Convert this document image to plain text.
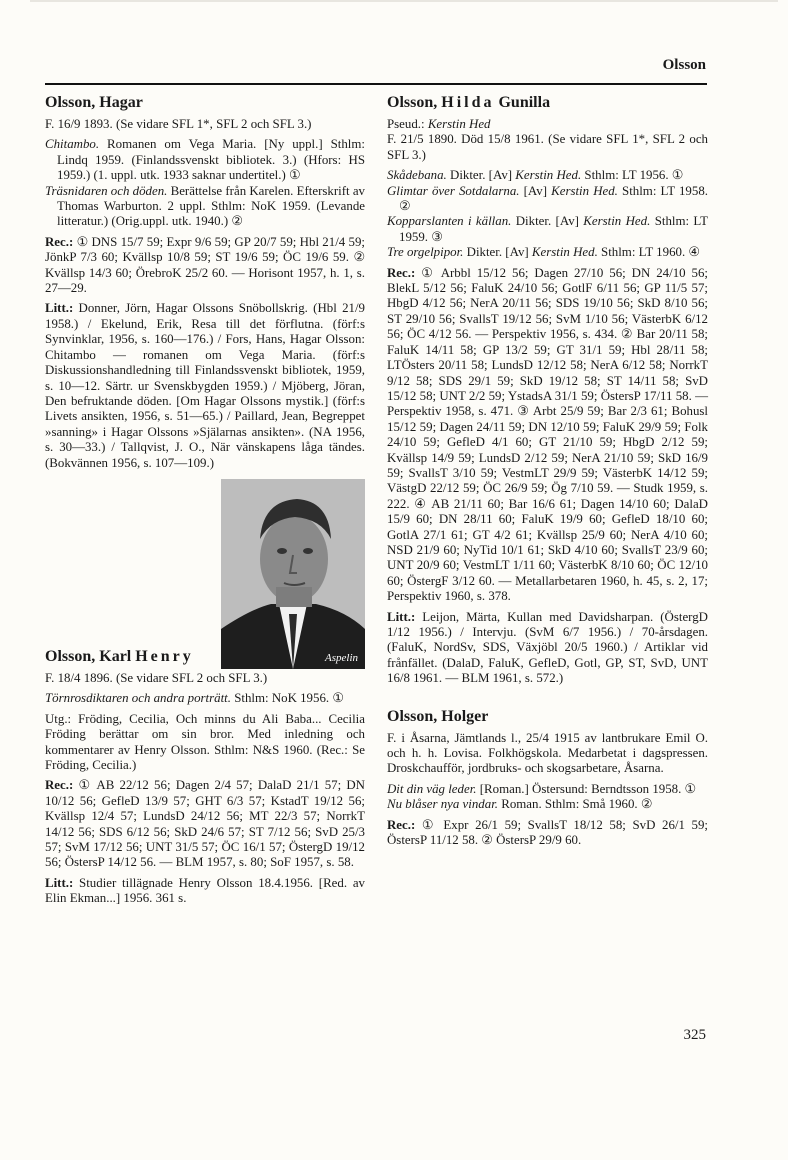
Olsson
Olsson, Hagar

F. 16/9 1893. (Se vidare SFL 1*, SFL 2 och SFL 3.)

Chitambo. Romanen om Vega Maria. [Ny uppl.] Sthlm: Lindq 1959. (Finlandssvenskt bibliotek. 3.) (Hfors: HS 1959.) (1. uppl. utk. 1933 saknar undertitel.) ①

Träsnidaren och döden. Berättelse från Karelen. Efterskrift av Thomas Warburton. 2 uppl. Sthlm: NoK 1959. (Levande litteratur.) (Orig.uppl. utk. 1940.) ②

Rec.: ① DNS 15/7 59; Expr 9/6 59; GP 20/7 59; Hbl 21/4 59; JönkP 7/3 60; Kvällsp 10/8 59; ST 19/6 59; ÖC 19/6 59. ② Kvällsp 14/3 60; ÖrebroK 25/2 60. — Horisont 1957, h. 1, s. 27—29.

Litt.: Donner, Jörn, Hagar Olssons Snöbollskrig. (Hbl 21/9 1958.) / Ekelund, Erik, Resa till det förflutna. (förf:s Synvinklar, 1956, s. 160—176.) / Fors, Hans, Hagar Olsson: Chitambo — romanen om Vega Maria. (förf:s Diskussionshandledning till Finlandssvenskt bibliotek, 1959, s. 10—12. Särtr. ur Svenskbygden 1959.) / Mjöberg, Jöran, Den befruktande döden. [Om Hagar Olssons mystik.] (förf:s Livets ansikten, 1956, s. 51—65.) / Paillard, Jean, Begreppet »sanning» i Hagar Olssons »Själarnas ansikten». (NA 1956, s. 30—33.) / Tallqvist, J. O., När vänskapens låga tändes. (Bokvännen 1956, s. 107—109.)

Aspelin
Olsson, Karl Henry

F. 18/4 1896. (Se vidare SFL 2 och SFL 3.)

Törnrosdiktaren och andra porträtt. Sthlm: NoK 1956. ①

Utg.: Fröding, Cecilia, Och minns du Ali Baba... Cecilia Fröding berättar om sin bror. Med inledning och kommentarer av Henry Olsson. Sthlm: N&S 1960. (Rec.: Se Fröding, Cecilia.)

Rec.: ① AB 22/12 56; Dagen 2/4 57; DalaD 21/1 57; DN 10/12 56; GefleD 13/9 57; GHT 6/3 57; KstadT 19/12 56; Kvällsp 12/4 57; LundsD 24/12 56; MT 22/3 57; NorrkT 14/12 56; SDS 6/12 56; SkD 24/6 57; ST 7/12 56; SvD 25/3 57; SvM 17/12 56; UNT 31/5 57; ÖC 16/1 57; ÖstergD 19/12 56; ÖstersP 14/12 56. — BLM 1957, s. 80; SoF 1957, s. 58.

Litt.: Studier tillägnade Henry Olsson 18.4.1956. [Red. av Elin Ekman...] 1956. 361 s.

Olsson, Hilda Gunilla

Pseud.: Kerstin Hed

F. 21/5 1890. Död 15/8 1961. (Se vidare SFL 1*, SFL 2 och SFL 3.)

Skådebana. Dikter. [Av] Kerstin Hed. Sthlm: LT 1956. ①

Glimtar över Sotdalarna. [Av] Kerstin Hed. Sthlm: LT 1958. ②

Kopparslanten i källan. Dikter. [Av] Kerstin Hed. Sthlm: LT 1959. ③

Tre orgelpipor. Dikter. [Av] Kerstin Hed. Sthlm: LT 1960. ④

Rec.: ① Arbbl 15/12 56; Dagen 27/10 56; DN 24/10 56; BlekL 5/12 56; FaluK 24/10 56; GotlF 6/11 56; GP 11/5 57; HbgD 4/12 56; NerA 20/11 56; SDS 19/10 56; SkD 8/10 56; ST 29/10 56; SvallsT 19/12 56; SvM 1/10 56; VästerbK 6/12 56; ÖC 4/12 56. — Perspektiv 1956, s. 434. ② Bar 20/11 58; FaluK 14/11 58; GP 13/2 59; GT 31/1 59; Hbl 28/11 58; LTÖsters 20/11 58; LundsD 12/12 58; NerA 6/12 58; NorrkT 9/12 58; SDS 29/1 59; SkD 19/12 58; ST 14/11 58; SvD 15/12 58; UNT 2/2 59; YstadsA 31/1 59; ÖstersP 17/11 58. — Perspektiv 1958, s. 471. ③ Arbt 25/9 59; Bar 2/3 61; Bohusl 15/12 59; Dagen 24/11 59; DN 12/10 59; FaluK 29/9 59; Folk 24/10 59; GefleD 4/1 60; GT 21/10 59; HbgD 2/12 59; Kvällsp 14/9 59; LundsD 2/12 59; NerA 21/10 59; SkD 16/9 59; SvallsT 3/10 59; VestmLT 29/9 59; VästerbK 14/12 59; VästgD 22/12 59; ÖC 26/9 59; Ög 7/10 59. — Studk 1959, s. 222. ④ AB 21/11 60; Bar 16/6 61; Dagen 14/10 60; DalaD 15/9 60; DN 28/11 60; FaluK 19/9 60; GefleD 18/10 60; GotlA 27/1 61; GT 4/2 61; Kvällsp 25/9 60; NerA 4/10 60; NSD 21/9 60; NyTid 10/1 61; SkD 4/10 60; SvallsT 23/9 60; UNT 20/9 60; VestmLT 1/11 60; VästerbK 8/10 60; ÖC 12/10 60; ÖstergF 3/12 60. — Metallarbetaren 1960, h. 45, s. 2, 17; Perspektiv 1960, s. 378.

Litt.: Leijon, Märta, Kullan med Davidsharpan. (ÖstergD 1/12 1956.) / Intervju. (SvM 6/7 1956.) / 70-årsdagen. (FaluK, NordSv, SDS, Växjöbl 20/5 1960.) / Artiklar vid frånfället. (DalaD, FaluK, GefleD, Gotl, GP, ST, SvD, UNT 16/8 1961. — BLM 1961, s. 572.)

Olsson, Holger

F. i Åsarna, Jämtlands l., 25/4 1915 av lantbrukare Emil O. och h. h. Lovisa. Folkhögskola. Medarbetat i dagspressen. Droskchaufför, jordbruks- och skogsarbetare, Åsarna.

Dit din väg leder. [Roman.] Östersund: Berndtsson 1958. ①

Nu blåser nya vindar. Roman. Sthlm: Små 1960. ②

Rec.: ① Expr 26/1 59; SvallsT 18/12 58; SvD 26/1 59; ÖstersP 11/12 58. ② ÖstersP 29/9 60.

325
